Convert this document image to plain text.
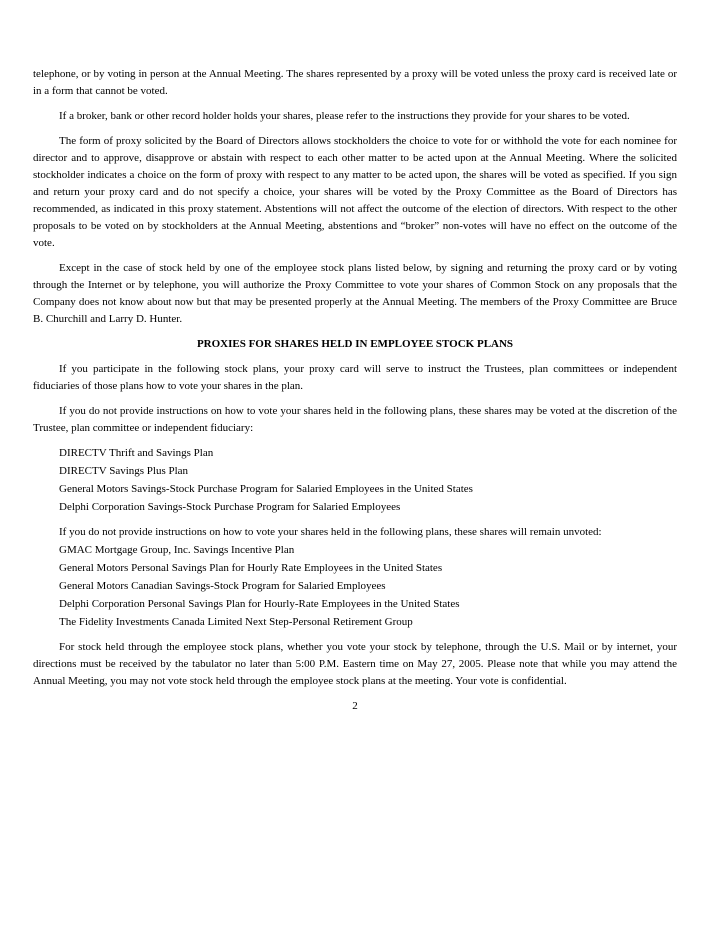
telephone, or by voting in person at the Annual Meeting. The shares represented by a proxy will be voted unless the proxy card is received late or in a form that cannot be voted.

If a broker, bank or other record holder holds your shares, please refer to the instructions they provide for your shares to be voted.

The form of proxy solicited by the Board of Directors allows stockholders the choice to vote for or withhold the vote for each nominee for director and to approve, disapprove or abstain with respect to each other matter to be acted upon at the Annual Meeting. Where the solicited stockholder indicates a choice on the form of proxy with respect to any matter to be acted upon, the shares will be voted as specified. If you sign and return your proxy card and do not specify a choice, your shares will be voted by the Proxy Committee as the Board of Directors has recommended, as indicated in this proxy statement. Abstentions will not affect the outcome of the election of directors. With respect to the other proposals to be voted on by stockholders at the Annual Meeting, abstentions and “broker” non-votes will have no effect on the outcome of the vote.

Except in the case of stock held by one of the employee stock plans listed below, by signing and returning the proxy card or by voting through the Internet or by telephone, you will authorize the Proxy Committee to vote your shares of Common Stock on any proposals that the Company does not know about now but that may be presented properly at the Annual Meeting. The members of the Proxy Committee are Bruce B. Churchill and Larry D. Hunter.

PROXIES FOR SHARES HELD IN EMPLOYEE STOCK PLANS

If you participate in the following stock plans, your proxy card will serve to instruct the Trustees, plan committees or independent fiduciaries of those plans how to vote your shares in the plan.

If you do not provide instructions on how to vote your shares held in the following plans, these shares may be voted at the discretion of the Trustee, plan committee or independent fiduciary:

DIRECTV Thrift and Savings Plan
DIRECTV Savings Plus Plan
General Motors Savings-Stock Purchase Program for Salaried Employees in the United States
Delphi Corporation Savings-Stock Purchase Program for Salaried Employees

If you do not provide instructions on how to vote your shares held in the following plans, these shares will remain unvoted:

GMAC Mortgage Group, Inc. Savings Incentive Plan
General Motors Personal Savings Plan for Hourly Rate Employees in the United States
General Motors Canadian Savings-Stock Program for Salaried Employees
Delphi Corporation Personal Savings Plan for Hourly-Rate Employees in the United States
The Fidelity Investments Canada Limited Next Step-Personal Retirement Group

For stock held through the employee stock plans, whether you vote your stock by telephone, through the U.S. Mail or by internet, your directions must be received by the tabulator no later than 5:00 P.M. Eastern time on May 27, 2005. Please note that while you may attend the Annual Meeting, you may not vote stock held through the employee stock plans at the meeting. Your vote is confidential.

2
